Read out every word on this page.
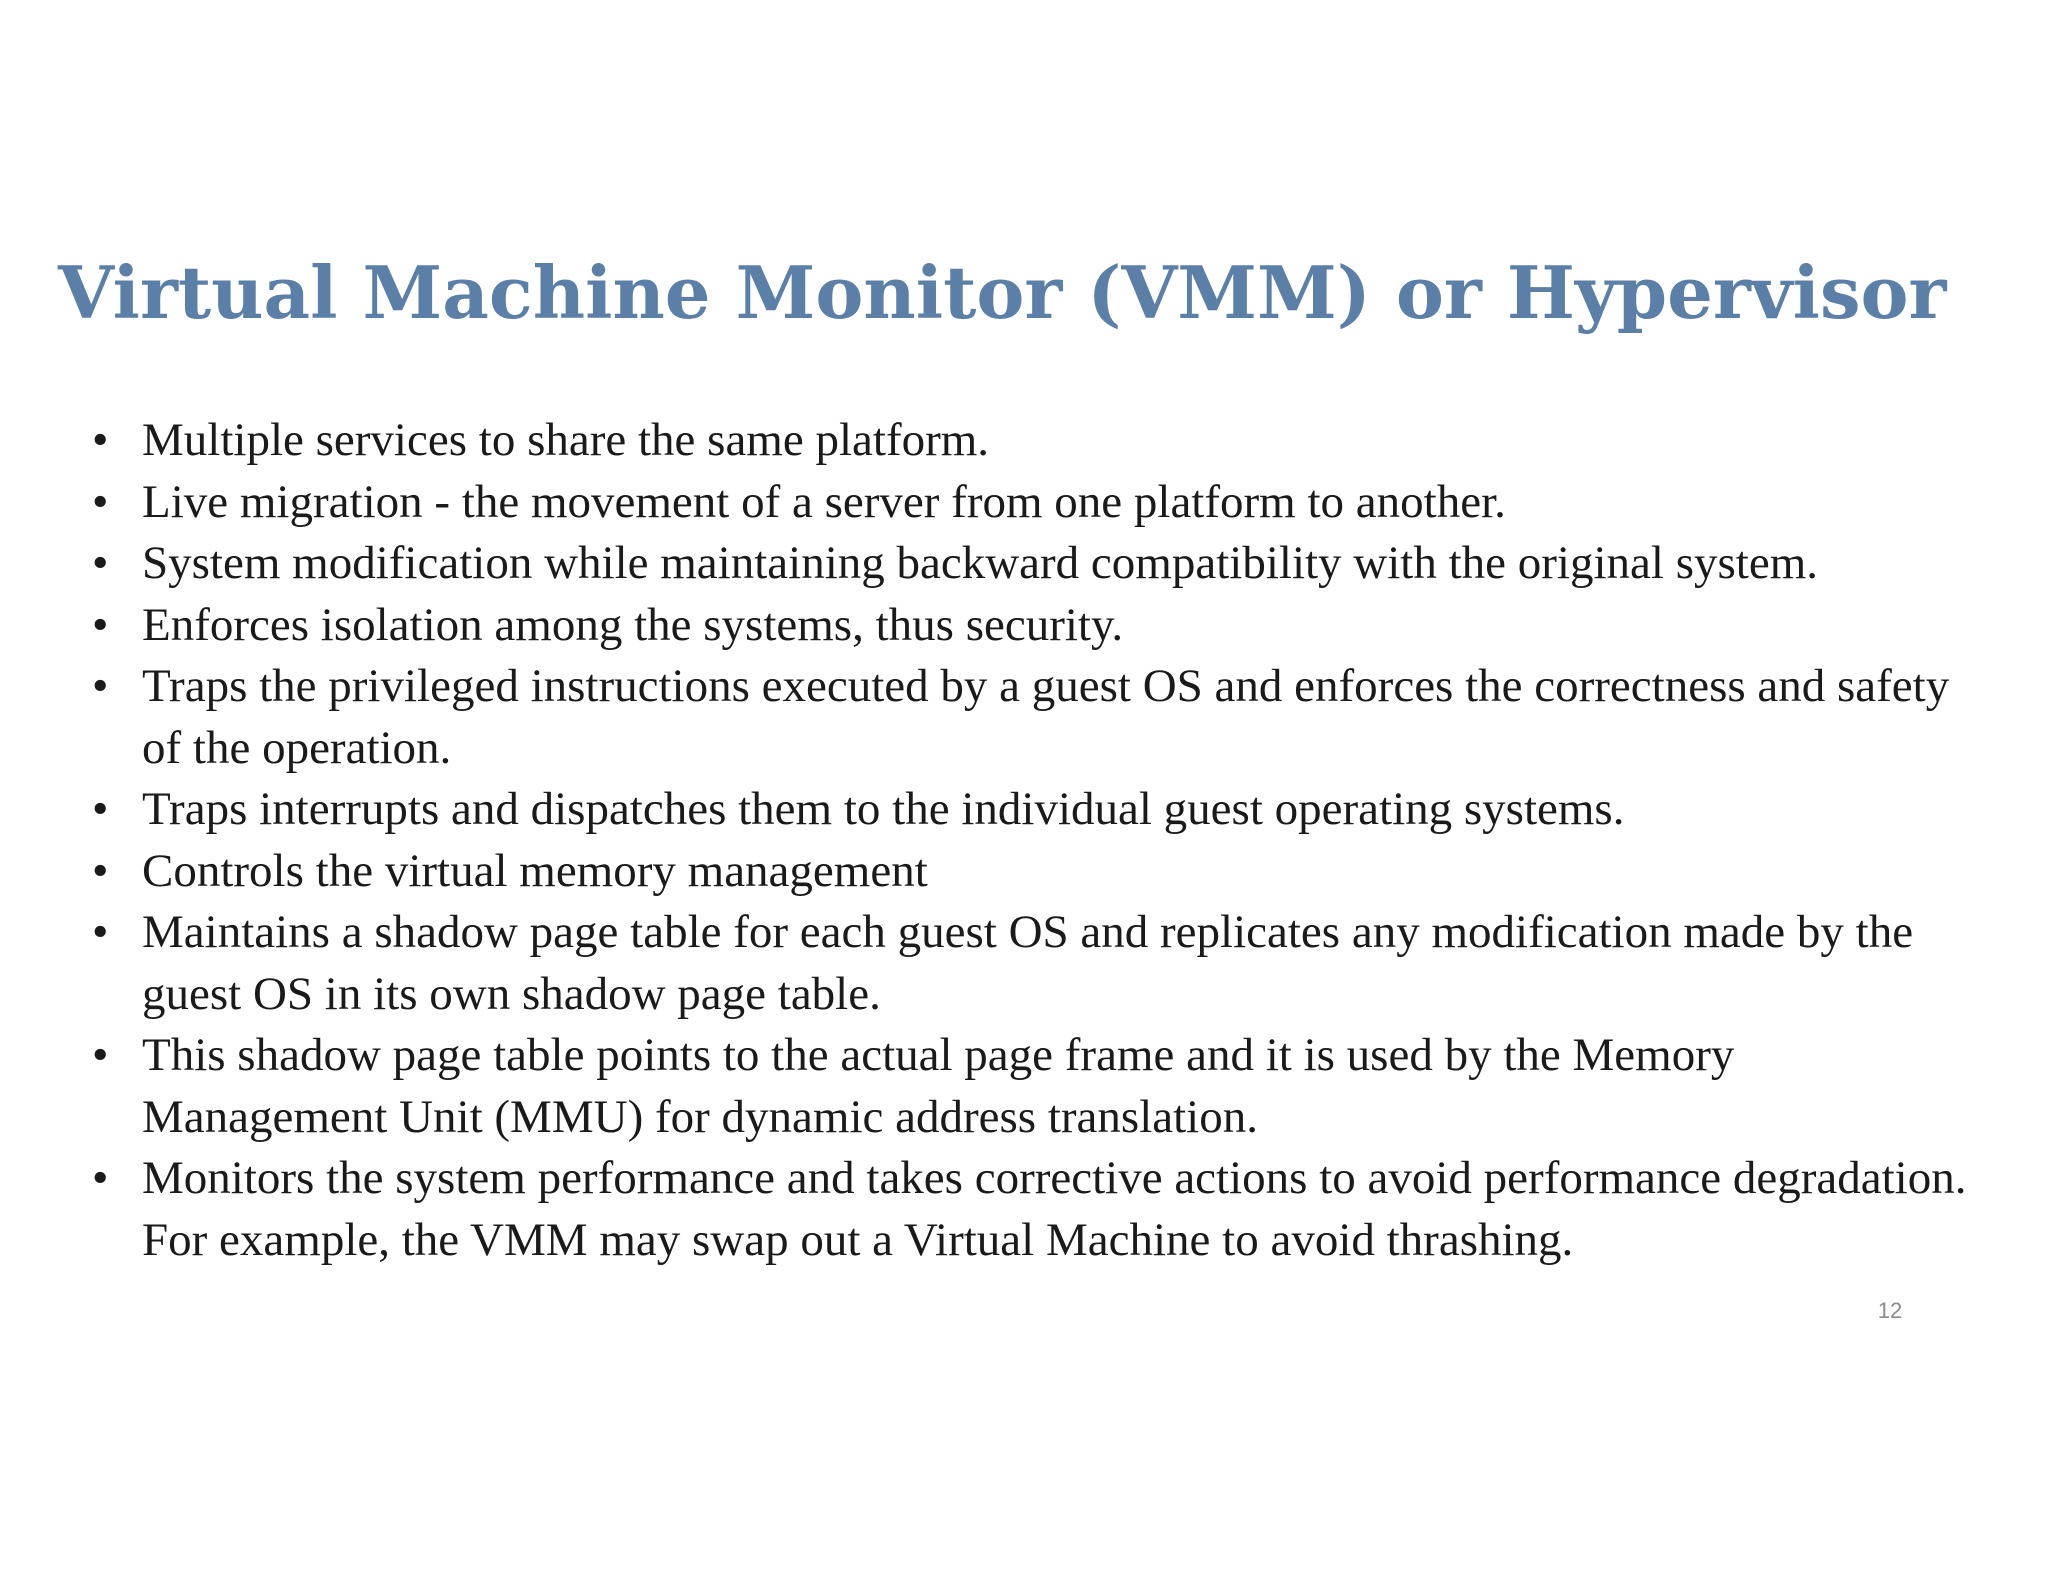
Virtual Machine Monitor (VMM) or Hypervisor
• Multiple services to share the same platform.
• Live migration - the movement of a server from one platform to another.
• System modification while maintaining backward compatibility with the original system.
• Enforces isolation among the systems, thus security.
• Traps the privileged instructions executed by a guest OS and enforces the correctness and safety of the operation.
• Traps interrupts and dispatches them to the individual guest operating systems.
• Controls the virtual memory management
• Maintains a shadow page table for each guest OS and replicates any modification made by the guest OS in its own shadow page table.
• This shadow page table points to the actual page frame and it is used by the Memory Management Unit (MMU) for dynamic address translation.
• Monitors the system performance and takes corrective actions to avoid performance degradation. For example, the VMM may swap out a Virtual Machine to avoid thrashing.
12
